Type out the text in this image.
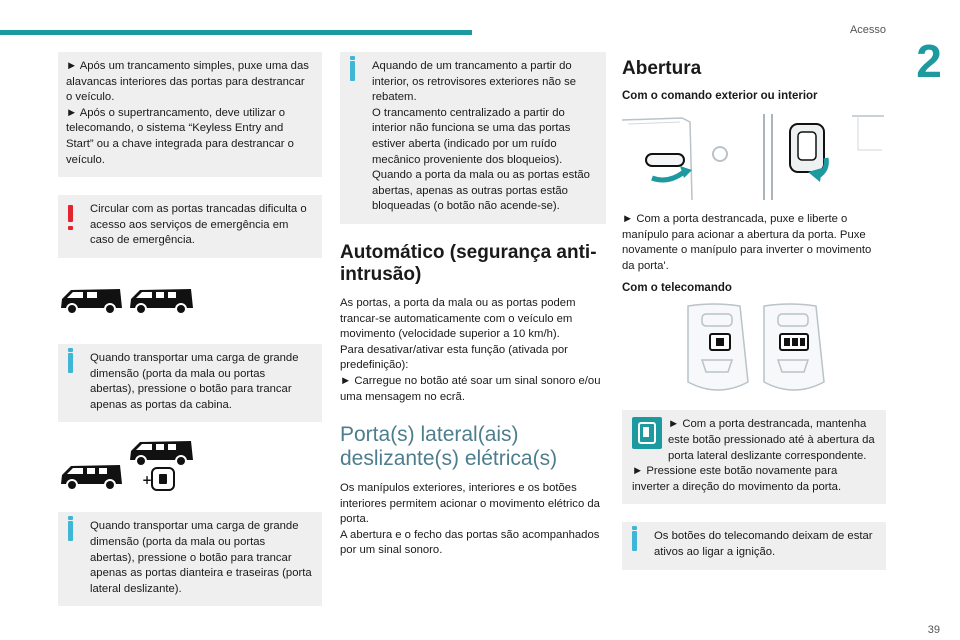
Acesso
2
► Após um trancamento simples, puxe uma das alavancas interiores das portas para destrancar o veículo.
► Após o supertrancamento, deve utilizar o telecomando, o sistema “Keyless Entry and Start” ou a chave integrada para destrancar o veículo.
Circular com as portas trancadas dificulta o acesso aos serviços de emergência em caso de emergência.
Quando transportar uma carga de grande dimensão (porta da mala ou portas abertas), pressione o botão para trancar apenas as portas da cabina.
+
Quando transportar uma carga de grande dimensão (porta da mala ou portas abertas), pressione o botão para trancar apenas as portas dianteira e traseiras (porta lateral deslizante).
Aquando de um trancamento a partir do interior, os retrovisores exteriores não se rebatem.
O trancamento centralizado a partir do interior não funciona se uma das portas estiver aberta (indicado por um ruído mecânico proveniente dos bloqueios).
Quando a porta da mala ou as portas estão abertas, apenas as outras portas estão bloqueadas (o botão não acende-se).
Automático (segurança anti-intrusão)
As portas, a porta da mala ou as portas podem trancar-se automaticamente com o veículo em movimento (velocidade superior a 10 km/h).
Para desativar/ativar esta função (ativada por predefinição):
► Carregue no botão até soar um sinal sonoro e/ou uma mensagem no ecrã.
Porta(s) lateral(ais) deslizante(s) elétrica(s)
Os manípulos exteriores, interiores e os botões interiores permitem acionar o movimento elétrico da porta.
A abertura e o fecho das portas são acompanhados por um sinal sonoro.
Abertura
Com o comando exterior ou interior
► Com a porta destrancada, puxe e liberte o manípulo para acionar a abertura da porta. Puxe novamente o manípulo para inverter o movimento da porta'.
Com o telecomando
► Com a porta destrancada, mantenha este botão pressionado até à abertura da porta lateral deslizante correspondente.
► Pressione este botão novamente para inverter a direção do movimento da porta.
Os botões do telecomando deixam de estar ativos ao ligar a ignição.
39
